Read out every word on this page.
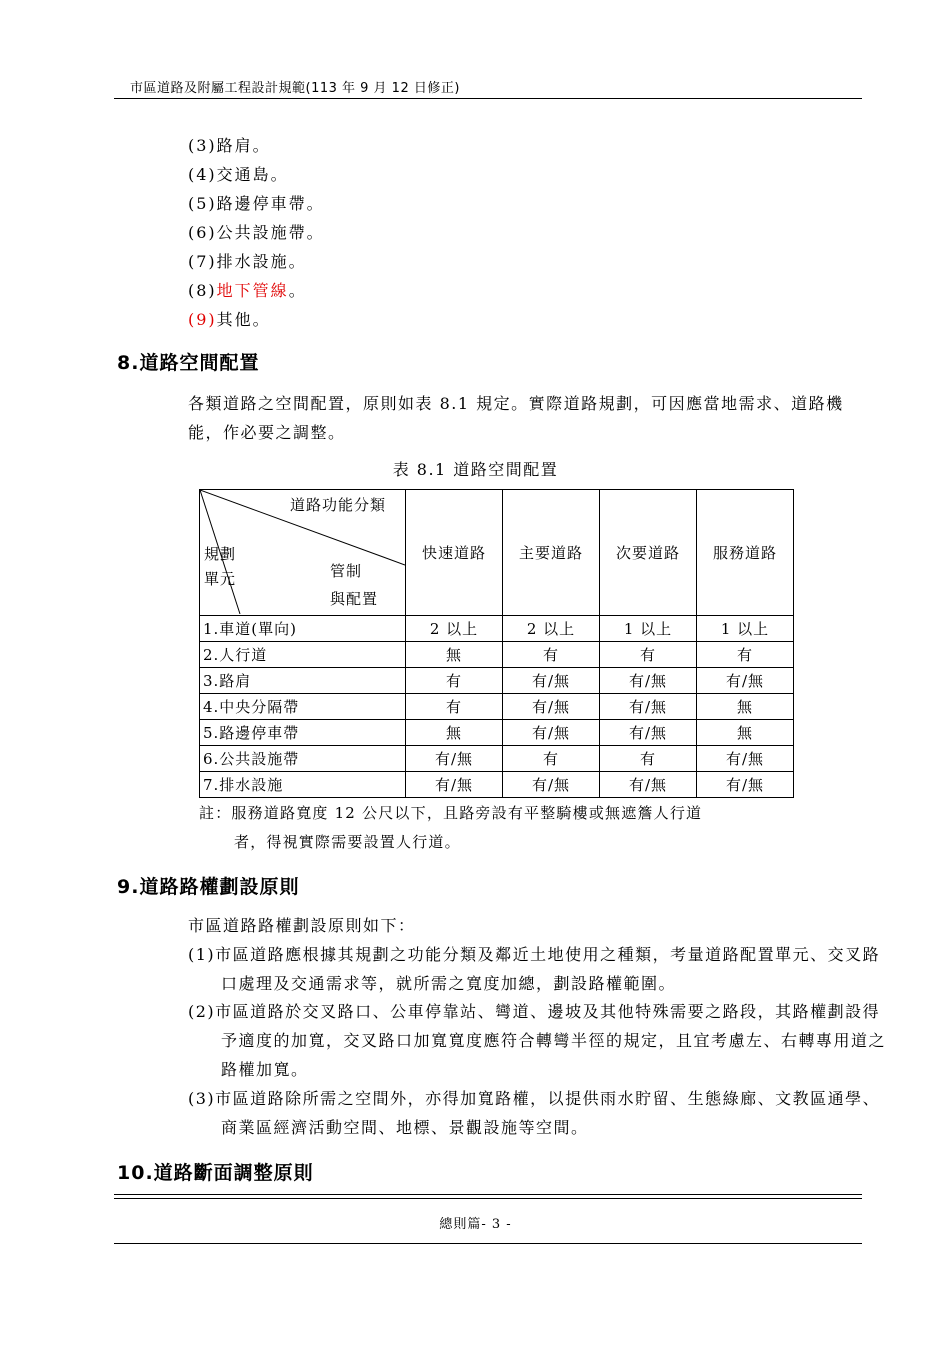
市區道路及附屬工程設計規範(113 年 9 月 12 日修正)
(3)路肩。
(4)交通島。
(5)路邊停車帶。
(6)公共設施帶。
(7)排水設施。
(8)地下管線。
(9)其他。
8.道路空間配置
各類道路之空間配置，原則如表 8.1 規定。實際道路規劃，可因應當地需求、道路機能，作必要之調整。
表 8.1 道路空間配置
道路功能分類
規劃
單元 管制
與配置	快速道路	主要道路	次要道路	服務道路
1.車道(單向)	2 以上	2 以上	1 以上	1 以上
2.人行道	無	有	有	有
3.路肩	有	有/無	有/無	有/無
4.中央分隔帶	有	有/無	有/無	無
5.路邊停車帶	無	有/無	有/無	無
6.公共設施帶	有/無	有	有	有/無
7.排水設施	有/無	有/無	有/無	有/無
註：服務道路寬度 12 公尺以下，且路旁設有平整騎樓或無遮簷人行道
者，得視實際需要設置人行道。
9.道路路權劃設原則
市區道路路權劃設原則如下：
(1)市區道路應根據其規劃之功能分類及鄰近土地使用之種類，考量道路配置單元、交叉路口處理及交通需求等，就所需之寬度加總，劃設路權範圍。
(2)市區道路於交叉路口、公車停靠站、彎道、邊坡及其他特殊需要之路段，其路權劃設得予適度的加寬，交叉路口加寬寬度應符合轉彎半徑的規定，且宜考慮左、右轉專用道之路權加寬。
(3)市區道路除所需之空間外，亦得加寬路權，以提供雨水貯留、生態綠廊、文教區通學、商業區經濟活動空間、地標、景觀設施等空間。
10.道路斷面調整原則
總則篇- 3 -
